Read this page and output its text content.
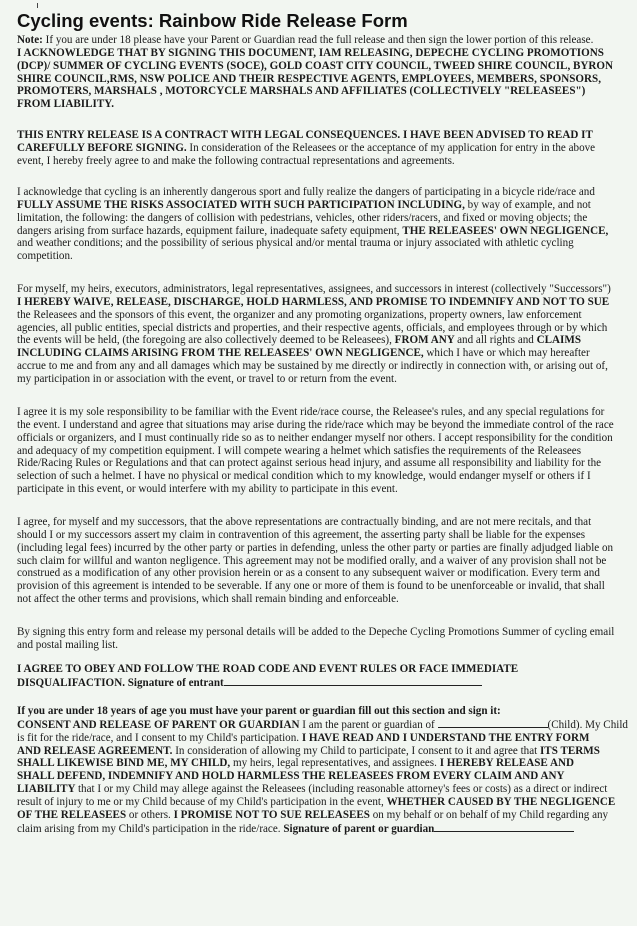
Cycling events: Rainbow Ride Release Form
Note: If you are under 18 please have your Parent or Guardian read the full release and then sign the lower portion of this release.
I ACKNOWLEDGE THAT BY SIGNING THIS DOCUMENT, IAM RELEASING, DEPECHE CYCLING PROMOTIONS
(DCP)/ SUMMER OF CYCLING EVENTS (SOCE), GOLD COAST CITY COUNCIL, TWEED SHIRE COUNCIL, BYRON
SHIRE COUNCIL,RMS, NSW POLICE AND THEIR RESPECTIVE AGENTS, EMPLOYEES, MEMBERS, SPONSORS,
PROMOTERS, MARSHALS , MOTORCYCLE MARSHALS AND AFFILIATES (COLLECTIVELY "RELEASEES")
FROM LIABILITY.
THIS ENTRY RELEASE IS A CONTRACT WITH LEGAL CONSEQUENCES. I HAVE BEEN ADVISED TO READ IT
CAREFULLY BEFORE SIGNING. In consideration of the Releasees or the acceptance of my application for entry in the above
event, I hereby freely agree to and make the following contractual representations and agreements.
I acknowledge that cycling is an inherently dangerous sport and fully realize the dangers of participating in a bicycle ride/race and
FULLY ASSUME THE RISKS ASSOCIATED WITH SUCH PARTICIPATION INCLUDING, by way of example, and not
limitation, the following: the dangers of collision with pedestrians, vehicles, other riders/racers, and fixed or moving objects; the
dangers arising from surface hazards, equipment failure, inadequate safety equipment, THE RELEASEES' OWN NEGLIGENCE,
and weather conditions; and the possibility of serious physical and/or mental trauma or injury associated with athletic cycling
competition.
For myself, my heirs, executors, administrators, legal representatives, assignees, and successors in interest (collectively "Successors")
I HEREBY WAIVE, RELEASE, DISCHARGE, HOLD HARMLESS, AND PROMISE TO INDEMNIFY AND NOT TO SUE
the Releasees and the sponsors of this event, the organizer and any promoting organizations, property owners, law enforcement
agencies, all public entities, special districts and properties, and their respective agents, officials, and employees through or by which
the events will be held, (the foregoing are also collectively deemed to be Releasees), FROM ANY and all rights and CLAIMS
INCLUDING CLAIMS ARISING FROM THE RELEASEES' OWN NEGLIGENCE, which I have or which may hereafter
accrue to me and from any and all damages which may be sustained by me directly or indirectly in connection with, or arising out of,
my participation in or association with the event, or travel to or return from the event.
I agree it is my sole responsibility to be familiar with the Event ride/race course, the Releasee's rules, and any special regulations for
the event. I understand and agree that situations may arise during the ride/race which may be beyond the immediate control of the race
officials or organizers, and I must continually ride so as to neither endanger myself nor others. I accept responsibility for the condition
and adequacy of my competition equipment. I will compete wearing a helmet which satisfies the requirements of the Releasees
Ride/Racing Rules or Regulations and that can protect against serious head injury, and assume all responsibility and liability for the
selection of such a helmet. I have no physical or medical condition which to my knowledge, would endanger myself or others if I
participate in this event, or would interfere with my ability to participate in this event.
I agree, for myself and my successors, that the above representations are contractually binding, and are not mere recitals, and that
should I or my successors assert my claim in contravention of this agreement, the asserting party shall be liable for the expenses
(including legal fees) incurred by the other party or parties in defending, unless the other party or parties are finally adjudged liable on
such claim for willful and wanton negligence. This agreement may not be modified orally, and a waiver of any provision shall not be
construed as a modification of any other provision herein or as a consent to any subsequent waiver or modification. Every term and
provision of this agreement is intended to be severable. If any one or more of them is found to be unenforceable or invalid, that shall
not affect the other terms and provisions, which shall remain binding and enforceable.
By signing this entry form and release my personal details will be added to the Depeche Cycling Promotions Summer of cycling email
and postal mailing list.
I AGREE TO OBEY AND FOLLOW THE ROAD CODE AND EVENT RULES OR FACE IMMEDIATE
DISQUALIFACTION. Signature of entrant
If you are under 18 years of age you must have your parent or guardian fill out this section and sign it:
CONSENT AND RELEASE OF PARENT OR GUARDIAN I am the parent or guardian of	(Child). My Child
is fit for the ride/race, and I consent to my Child's participation. I HAVE READ AND I UNDERSTAND THE ENTRY FORM
AND RELEASE AGREEMENT. In consideration of allowing my Child to participate, I consent to it and agree that ITS TERMS
SHALL LIKEWISE BIND ME, MY CHILD, my heirs, legal representatives, and assignees. I HEREBY RELEASE AND
SHALL DEFEND, INDEMNIFY AND HOLD HARMLESS THE RELEASEES FROM EVERY CLAIM AND ANY
LIABILITY that I or my Child may allege against the Releasees (including reasonable attorney's fees or costs) as a direct or indirect
result of injury to me or my Child because of my Child's participation in the event, WHETHER CAUSED BY THE NEGLIGENCE
OF THE RELEASEES or others. I PROMISE NOT TO SUE RELEASEES on my behalf or on behalf of my Child regarding any
claim arising from my Child's participation in the ride/race. Signature of parent or guardian
